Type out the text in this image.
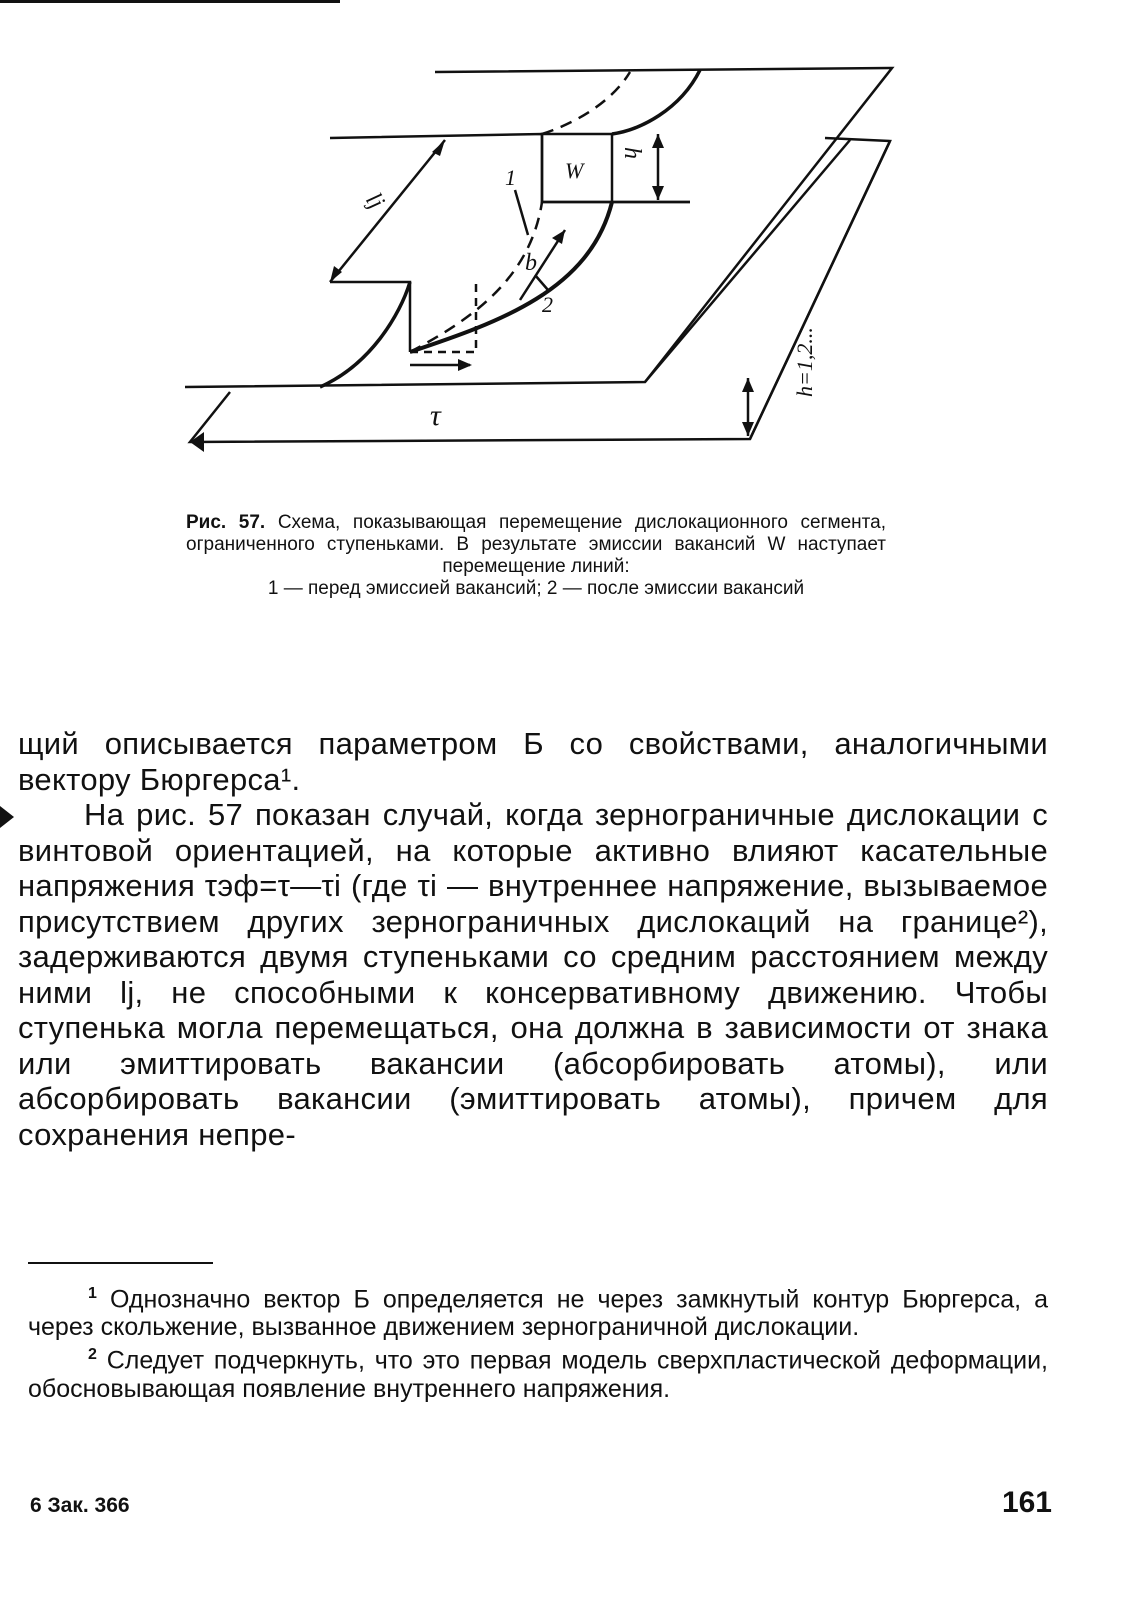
lj
W
h
1
b
2
τ
h=1,2...
Рис. 57. Схема, показывающая перемещение дислокационного сегмента, ограниченного ступеньками. В результате эмиссии вакансий W наступает перемещение линий:
1 — перед эмиссией вакансий; 2 — после эмиссии вакансий

щий описывается параметром Б со свойствами, аналогичными вектору Бюргерса¹.

На рис. 57 показан случай, когда зернограничные дислокации с винтовой ориентацией, на которые активно влияют касательные напряжения τэф=τ—τi (где τi — внутреннее напряжение, вызываемое присутствием других зернограничных дислокаций на границе²), задерживаются двумя ступеньками со средним расстоянием между ними lj, не способными к консервативному движению. Чтобы ступенька могла перемещаться, она должна в зависимости от знака или эмиттировать вакансии (абсорбировать атомы), или абсорбировать вакансии (эмиттировать атомы), причем для сохранения непре-

$^1$ Однозначно вектор Б определяется не через замкнутый контур Бюргерса, а через скольжение, вызванное движением зернограничной дислокации.

$^2$ Следует подчеркнуть, что это первая модель сверхпластической деформации, обосновывающая появление внутреннего напряжения.

6 Зак. 366	161
